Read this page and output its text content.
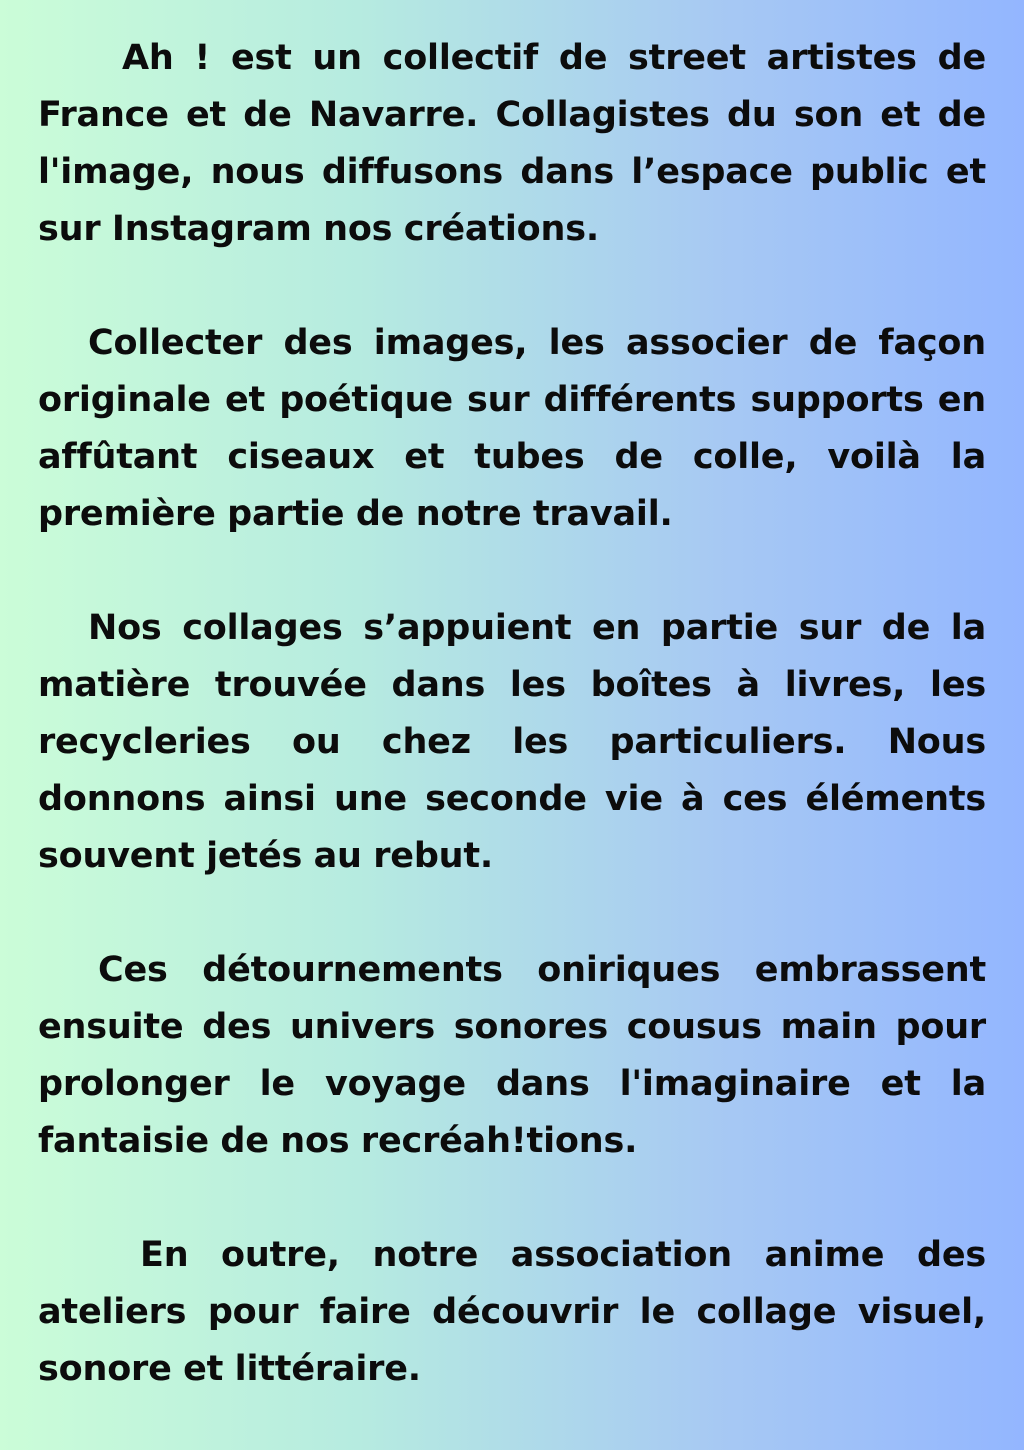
Ah ! est un collectif de street artistes de France et de Navarre. Collagistes du son et de l'image, nous diffusons dans l’espace public et sur Instagram nos créations.

Collecter des images, les associer de façon originale et poétique sur différents supports en affûtant ciseaux et tubes de colle, voilà la première partie de notre travail.

Nos collages s’appuient en partie sur de la matière trouvée dans les boîtes à livres, les recycleries ou chez les particuliers. Nous donnons ainsi une seconde vie à ces éléments souvent jetés au rebut.

Ces détournements oniriques embrassent ensuite des univers sonores cousus main pour prolonger le voyage dans l'imaginaire et la fantaisie de nos recréah!tions.

En outre, notre association anime des ateliers pour faire découvrir le collage visuel, sonore et littéraire.
